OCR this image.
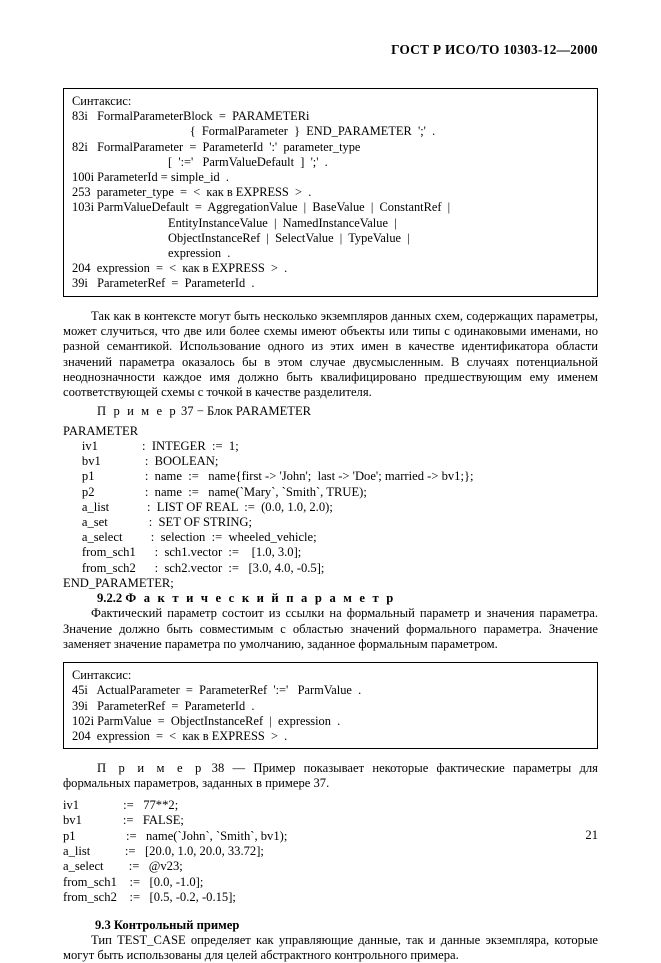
ГОСТ Р ИСО/ТО 10303-12—2000
Синтаксис:
83i   FormalParameterBlock  =  PARAMETERi
{  FormalParameter  }  END_PARAMETER  ';'  .
82i   FormalParameter  =  ParameterId  ':'  parameter_type
[  ':='   ParmValueDefault  ]  ';'  .
100i ParameterId = simple_id  .
253  parameter_type  =  <  как в EXPRESS  >  .
103i ParmValueDefault  =  AggregationValue  |  BaseValue  |  ConstantRef  |
EntityInstanceValue  |  NamedInstanceValue  |
ObjectInstanceRef  |  SelectValue  |  TypeValue  |
expression  .
204  expression  =  <  как в EXPRESS  >  .
39i   ParameterRef  =  ParameterId  .

Так как в контексте могут быть несколько экземпляров данных схем, содержащих параметры, может случиться, что две или более схемы имеют объекты или типы с одинаковыми именами, но разной семантикой. Использование одного из этих имен в качестве идентификатора области значений параметра оказалось бы в этом случае двусмысленным. В случаях потенциальной неоднозначности каждое имя должно быть квалифицировано предшествующим ему именем соответствующей схемы с точкой в качестве разделителя.

П р и м е р 37 − Блок PARAMETER

PARAMETER
iv1              :  INTEGER  :=  1;
bv1              :  BOOLEAN;
p1                :  name  :=   name{first -> 'John';  last -> 'Doe'; married -> bv1;};
p2                :  name  :=   name(`Mary`, `Smith`, TRUE);
a_list            :  LIST OF REAL  :=  (0.0, 1.0, 2.0);
a_set             :  SET OF STRING;
a_select         :  selection  :=  wheeled_vehicle;
from_sch1      :  sch1.vector  :=    [1.0, 3.0];
from_sch2      :  sch2.vector  :=   [3.0, 4.0, -0.5];
END_PARAMETER;

9.2.2 Ф а к т и ч е с к и й п а р а м е т р

Фактический параметр состоит из ссылки на формальный параметр и значения параметра. Значение должно быть совместимым с областью значений формального параметра. Значение заменяет значение параметра по умолчанию, заданное формальным параметром.

Синтаксис:
45i   ActualParameter  =  ParameterRef  ':='   ParmValue  .
39i   ParameterRef  =  ParameterId  .
102i ParmValue  =  ObjectInstanceRef  |  expression  .
204  expression  =  <  как в EXPRESS  >  .

П р и м е р 38 — Пример показывает некоторые фактические параметры для формальных параметров, заданных в примере 37.

iv1              :=   77**2;
bv1             :=   FALSE;
p1                :=   name(`John`, `Smith`, bv1);
a_list           :=   [20.0, 1.0, 20.0, 33.72];
a_select        :=   @v23;
from_sch1    :=   [0.0, -1.0];
from_sch2    :=   [0.5, -0.2, -0.15];

9.3 Контрольный пример

Тип TEST_CASE определяет как управляющие данные, так и данные экземпляра, которые могут быть использованы для целей абстрактного контрольного примера.

21
